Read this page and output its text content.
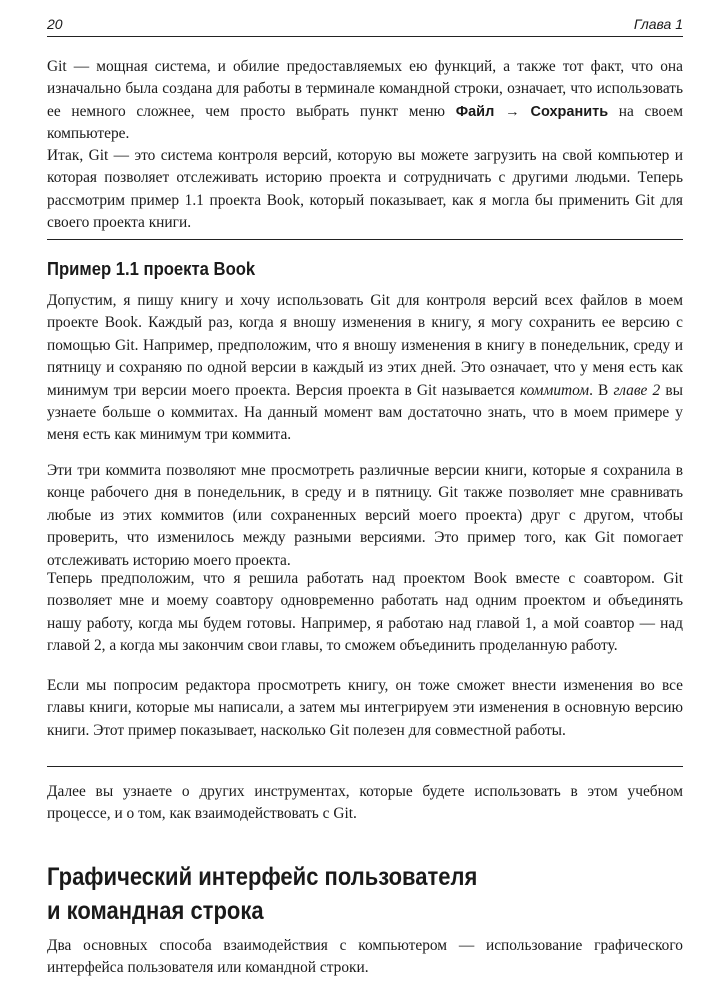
20	Глава 1

Git — мощная система, и обилие предоставляемых ею функций, а также тот факт, что она изначально была создана для работы в терминале командной строки, означает, что использовать ее немного сложнее, чем просто выбрать пункт меню Файл → Сохранить на своем компьютере.

Итак, Git — это система контроля версий, которую вы можете загрузить на свой компьютер и которая позволяет отслеживать историю проекта и сотрудничать с другими людьми. Теперь рассмотрим пример 1.1 проекта Book, который показывает, как я могла бы применить Git для своего проекта книги.

Пример 1.1 проекта Book

Допустим, я пишу книгу и хочу использовать Git для контроля версий всех файлов в моем проекте Book. Каждый раз, когда я вношу изменения в книгу, я могу сохранить ее версию с помощью Git. Например, предположим, что я вношу изменения в книгу в понедельник, среду и пятницу и сохраняю по одной версии в каждый из этих дней. Это означает, что у меня есть как минимум три версии моего проекта. Версия проекта в Git называется коммитом. В главе 2 вы узнаете больше о коммитах. На данный момент вам достаточно знать, что в моем примере у меня есть как минимум три коммита.

Эти три коммита позволяют мне просмотреть различные версии книги, которые я сохранила в конце рабочего дня в понедельник, в среду и в пятницу. Git также позволяет мне сравнивать любые из этих коммитов (или сохраненных версий моего проекта) друг с другом, чтобы проверить, что изменилось между разными версиями. Это пример того, как Git помогает отслеживать историю моего проекта.

Теперь предположим, что я решила работать над проектом Book вместе с соавтором. Git позволяет мне и моему соавтору одновременно работать над одним проектом и объединять нашу работу, когда мы будем готовы. Например, я работаю над главой 1, а мой соавтор — над главой 2, а когда мы закончим свои главы, то сможем объединить проделанную работу.

Если мы попросим редактора просмотреть книгу, он тоже сможет внести изменения во все главы книги, которые мы написали, а затем мы интегрируем эти изменения в основную версию книги. Этот пример показывает, насколько Git полезен для совместной работы.

Далее вы узнаете о других инструментах, которые будете использовать в этом учебном процессе, и о том, как взаимодействовать с Git.

Графический интерфейс пользователя
и командная строка

Два основных способа взаимодействия с компьютером — использование графического интерфейса пользователя или командной строки.
